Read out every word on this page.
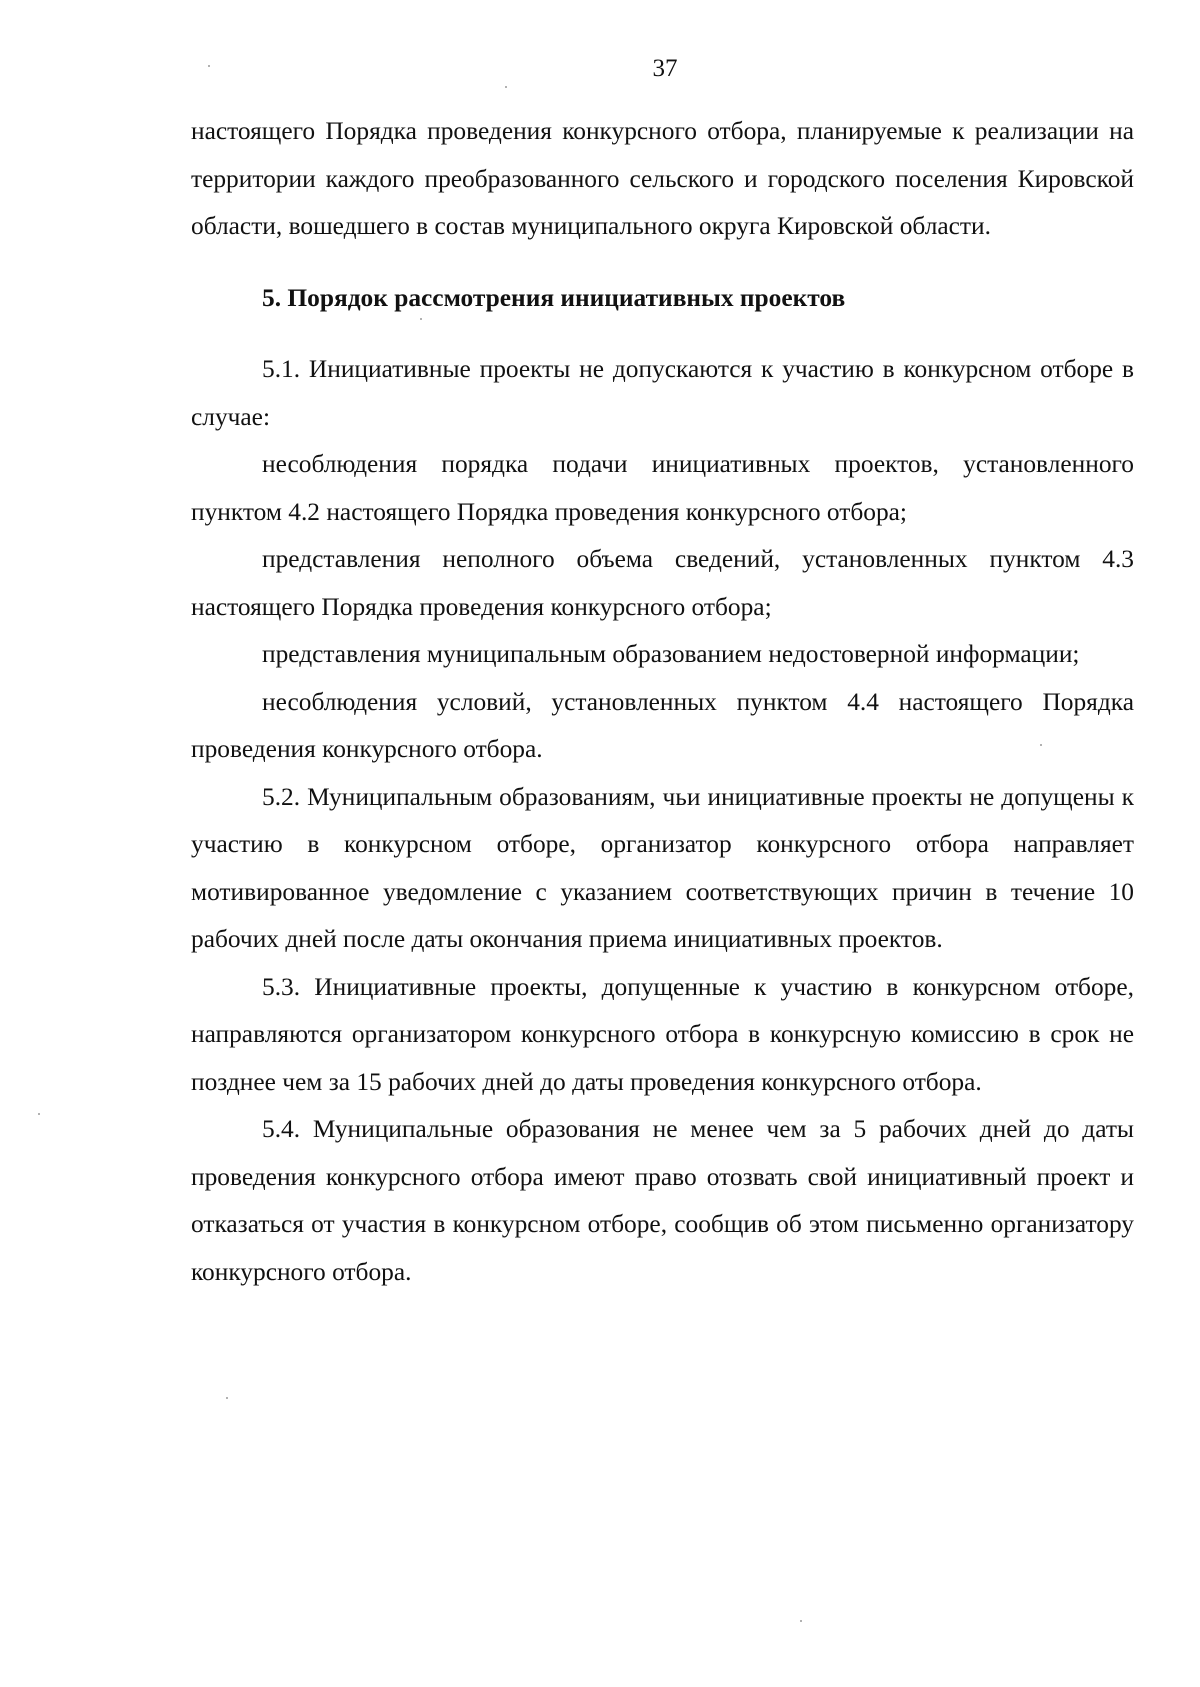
37

настоящего Порядка проведения конкурсного отбора, планируемые к реализации на территории каждого преобразованного сельского и городского поселения Кировской области, вошедшего в состав муниципального округа Кировской области.

5. Порядок рассмотрения инициативных проектов

5.1. Инициативные проекты не допускаются к участию в конкурсном отборе в случае:

несоблюдения порядка подачи инициативных проектов, установленного пунктом 4.2 настоящего Порядка проведения конкурсного отбора;

представления неполного объема сведений, установленных пунктом 4.3 настоящего Порядка проведения конкурсного отбора;

представления муниципальным образованием недостоверной информации;

несоблюдения условий, установленных пунктом 4.4 настоящего Порядка проведения конкурсного отбора.

5.2. Муниципальным образованиям, чьи инициативные проекты не допущены к участию в конкурсном отборе, организатор конкурсного отбора направляет мотивированное уведомление с указанием соответствующих причин в течение 10 рабочих дней после даты окончания приема инициативных проектов.

5.3. Инициативные проекты, допущенные к участию в конкурсном отборе, направляются организатором конкурсного отбора в конкурсную комиссию в срок не позднее чем за 15 рабочих дней до даты проведения конкурсного отбора.

5.4. Муниципальные образования не менее чем за 5 рабочих дней до даты проведения конкурсного отбора имеют право отозвать свой инициативный проект и отказаться от участия в конкурсном отборе, сообщив об этом письменно организатору конкурсного отбора.
